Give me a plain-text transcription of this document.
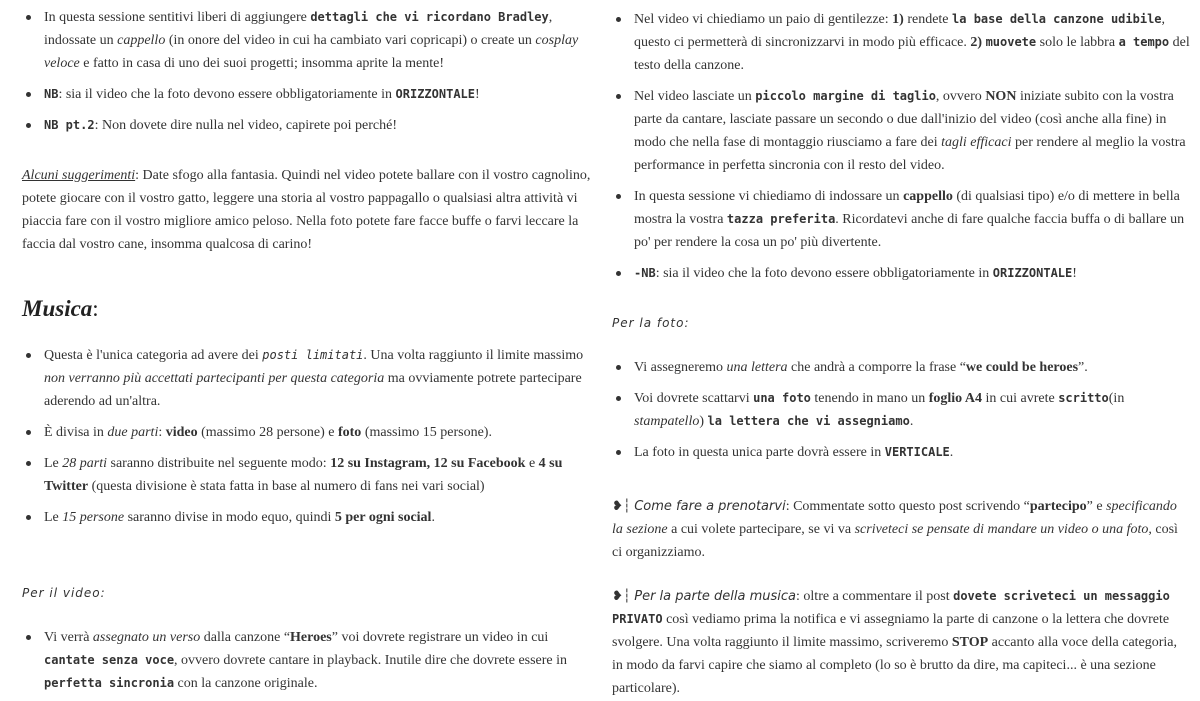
In questa sessione sentitivi liberi di aggiungere dettagli che vi ricordano Bradley, indossate un cappello (in onore del video in cui ha cambiato vari copricapi) o create un cosplay veloce e fatto in casa di uno dei suoi progetti; insomma aprite la mente!
NB: sia il video che la foto devono essere obbligatoriamente in ORIZZONTALE!
NB pt.2: Non dovete dire nulla nel video, capirete poi perché!

Alcuni suggerimenti: Date sfogo alla fantasia. Quindi nel video potete ballare con il vostro cagnolino, potete giocare con il vostro gatto, leggere una storia al vostro pappagallo o qualsiasi altra attività vi piaccia fare con il vostro migliore amico peloso. Nella foto potete fare facce buffe o farvi leccare la faccia dal vostro cane, insomma qualcosa di carino!

Musica:
Questa è l'unica categoria ad avere dei posti limitati. Una volta raggiunto il limite massimo non verranno più accettati partecipanti per questa categoria ma ovviamente potrete partecipare aderendo ad un'altra.
È divisa in due parti: video (massimo 28 persone) e foto (massimo 15 persone).
Le 28 parti saranno distribuite nel seguente modo: 12 su Instagram, 12 su Facebook e 4 su Twitter (questa divisione è stata fatta in base al numero di fans nei vari social)
Le 15 persone saranno divise in modo equo, quindi 5 per ogni social.
Per il video:
Vi verrà assegnato un verso dalla canzone “Heroes” voi dovrete registrare un video in cui cantate senza voce, ovvero dovrete cantare in playback. Inutile dire che dovrete essere in perfetta sincronia con la canzone originale.
Nel video vi chiediamo un paio di gentilezze: 1) rendete la base della canzone udibile, questo ci permetterà di sincronizzarvi in modo più efficace. 2) muovete solo le labbra a tempo del testo della canzone.
Nel video lasciate un piccolo margine di taglio, ovvero NON iniziate subito con la vostra parte da cantare, lasciate passare un secondo o due dall'inizio del video (così anche alla fine) in modo che nella fase di montaggio riusciamo a fare dei tagli efficaci per rendere al meglio la vostra performance in perfetta sincronia con il resto del video.
In questa sessione vi chiediamo di indossare un cappello (di qualsiasi tipo) e/o di mettere in bella mostra la vostra tazza preferita. Ricordatevi anche di fare qualche faccia buffa o di ballare un po' per rendere la cosa un po' più divertente.
-NB: sia il video che la foto devono essere obbligatoriamente in ORIZZONTALE!
Per la foto:
Vi assegneremo una lettera che andrà a comporre la frase “we could be heroes”.
Voi dovrete scattarvi una foto tenendo in mano un foglio A4 in cui avrete scritto(in stampatello) la lettera che vi assegniamo.
La foto in questa unica parte dovrà essere in VERTICALE.

❥┆ Come fare a prenotarvi: Commentate sotto questo post scrivendo “partecipo” e specificando la sezione a cui volete partecipare, se vi va scriveteci se pensate di mandare un video o una foto, così ci organizziamo.

❥┆ Per la parte della musica: oltre a commentare il post dovete scriveteci un messaggio PRIVATO così vediamo prima la notifica e vi assegniamo la parte di canzone o la lettera che dovrete svolgere. Una volta raggiunto il limite massimo, scriveremo STOP accanto alla voce della categoria, in modo da farvi capire che siamo al completo (lo so è brutto da dire, ma capiteci... è una sezione particolare).
